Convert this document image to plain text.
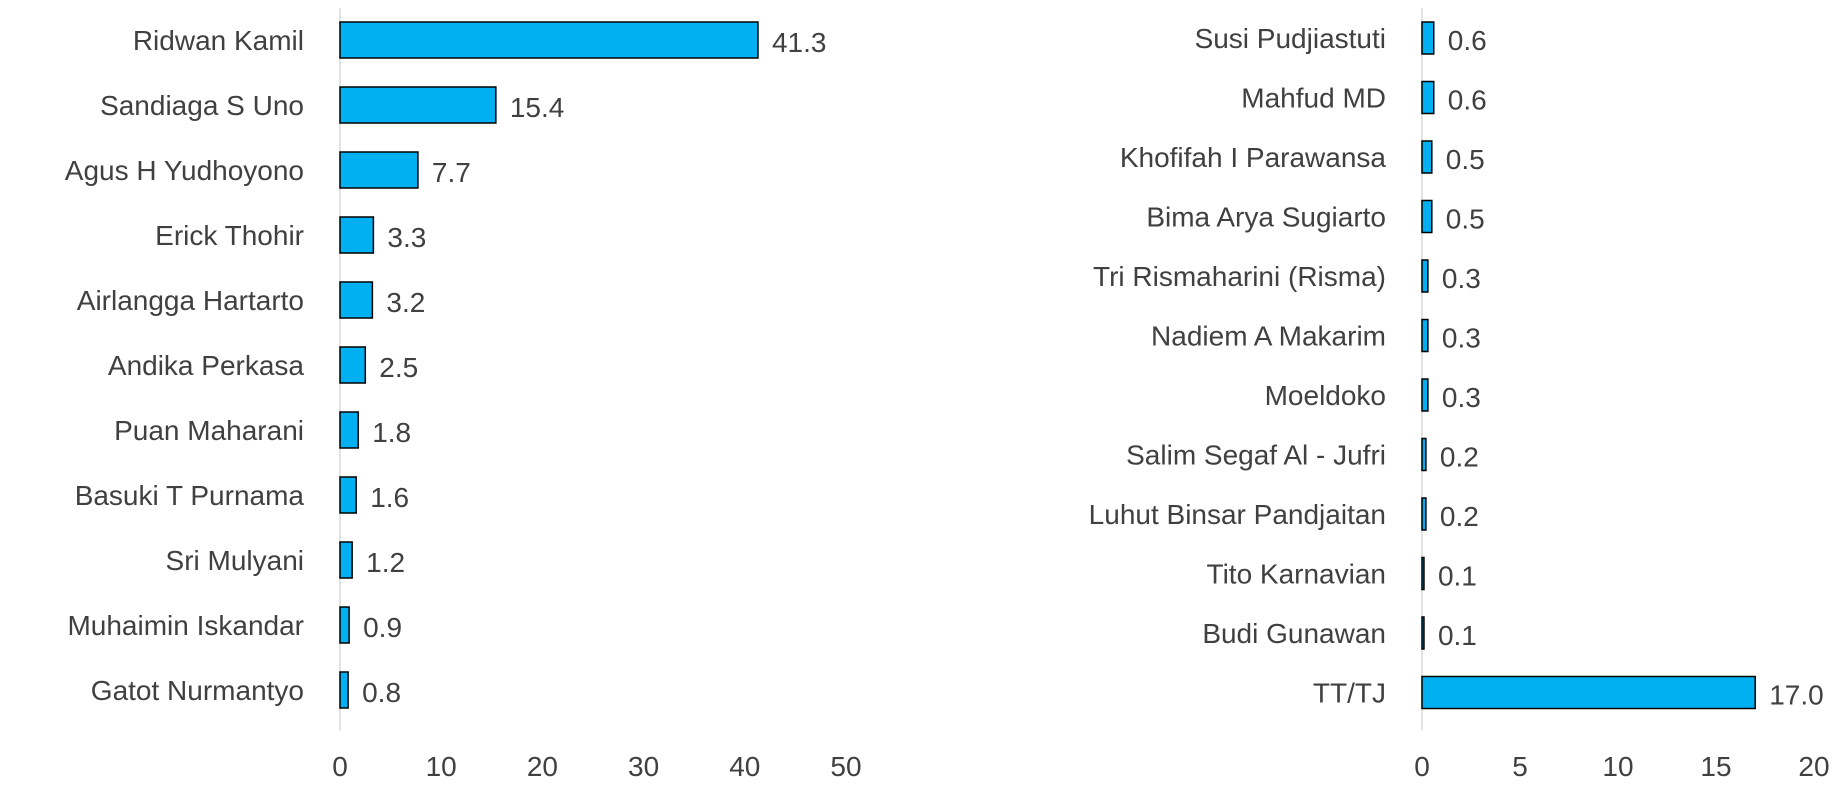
Ridwan Kamil	41.3
Sandiaga S Uno	15.4
Agus H Yudhoyono	7.7
Erick Thohir	3.3
Airlangga Hartarto	3.2
Andika Perkasa	2.5
Puan Maharani 1.8
Basuki T Purnama 1.6
Sri Mulyani 1.2
Muhaimin Iskandar 0.9
Gatot Nurmantyo 0.8
0	10	20	30	40	50
Susi Pudjiastuti 0.6
Mahfud MD 0.6
Khofifah I Parawansa 0.5
Bima Arya Sugiarto 0.5
Tri Rismaharini (Risma) 0.3
Nadiem A Makarim 0.3
Moeldoko 0.3
Salim Segaf Al - Jufri 0.2
Luhut Binsar Pandjaitan 0.2
Tito Karnavian 0.1
Budi Gunawan 0.1
TT/TJ	17.0
0	5	10 15 20
